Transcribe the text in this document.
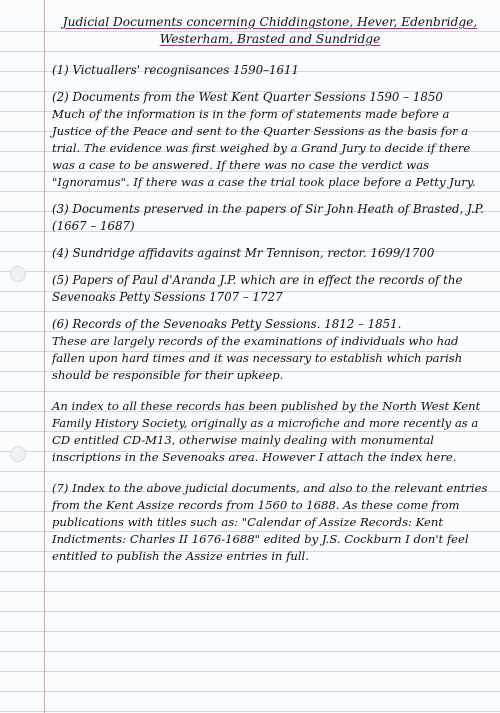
Judicial Documents concerning Chiddingstone, Hever, Edenbridge,
Westerham, Brasted and Sundridge

(1) Victuallers' recognisances 1590–1611

(2) Documents from the West Kent Quarter Sessions 1590 – 1850

Much of the information is in the form of statements made before a Justice of the Peace and sent to the Quarter Sessions as the basis for a trial. The evidence was first weighed by a Grand Jury to decide if there was a case to be answered. If there was no case the verdict was "Ignoramus". If there was a case the trial took place before a Petty Jury.

(3) Documents preserved in the papers of Sir John Heath of Brasted, J.P. (1667 – 1687)

(4) Sundridge affidavits against Mr Tennison, rector. 1699/1700

(5) Papers of Paul d'Aranda J.P. which are in effect the records of the Sevenoaks Petty Sessions 1707 – 1727

(6) Records of the Sevenoaks Petty Sessions. 1812 – 1851.

These are largely records of the examinations of individuals who had fallen upon hard times and it was necessary to establish which parish should be responsible for their upkeep.

An index to all these records has been published by the North West Kent Family History Society, originally as a microfiche and more recently as a CD entitled CD-M13, otherwise mainly dealing with monumental inscriptions in the Sevenoaks area. However I attach the index here.

(7) Index to the above judicial documents, and also to the relevant entries from the Kent Assize records from 1560 to 1688. As these come from publications with titles such as: "Calendar of Assize Records: Kent Indictments: Charles II 1676-1688" edited by J.S. Cockburn I don't feel entitled to publish the Assize entries in full.
